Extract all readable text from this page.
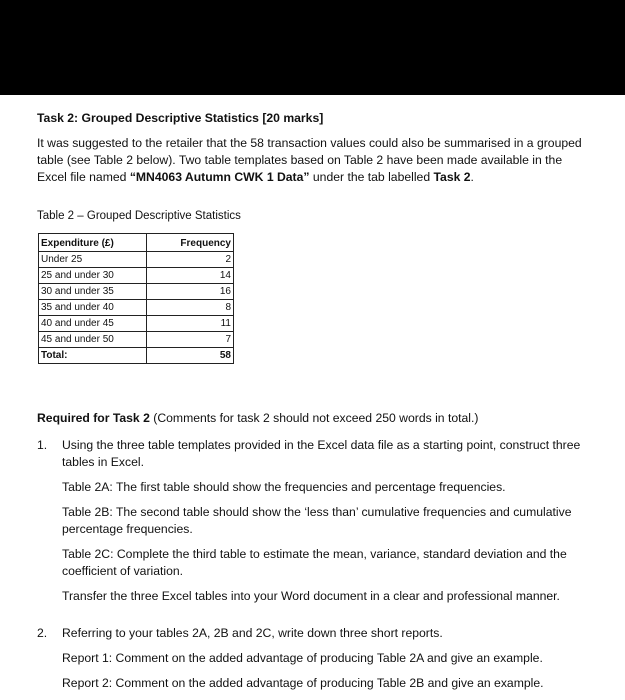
Task 2: Grouped Descriptive Statistics [20 marks]

It was suggested to the retailer that the 58 transaction values could also be summarised in a grouped table (see Table 2 below). Two table templates based on Table 2 have been made available in the Excel file named “MN4063 Autumn CWK 1 Data” under the tab labelled Task 2.

Table 2 – Grouped Descriptive Statistics

Expenditure (£)	Frequency
Under 25	2
25 and under 30	14
30 and under 35	16
35 and under 40	8
40 and under 45	11
45 and under 50	7
Total:	58

Required for Task 2 (Comments for task 2 should not exceed 250 words in total.)

1. Using the three table templates provided in the Excel data file as a starting point, construct three tables in Excel.

Table 2A: The first table should show the frequencies and percentage frequencies.

Table 2B: The second table should show the ‘less than’ cumulative frequencies and cumulative percentage frequencies.

Table 2C: Complete the third table to estimate the mean, variance, standard deviation and the coefficient of variation.

Transfer the three Excel tables into your Word document in a clear and professional manner.

2. Referring to your tables 2A, 2B and 2C, write down three short reports.

Report 1: Comment on the added advantage of producing Table 2A and give an example.

Report 2: Comment on the added advantage of producing Table 2B and give an example.
